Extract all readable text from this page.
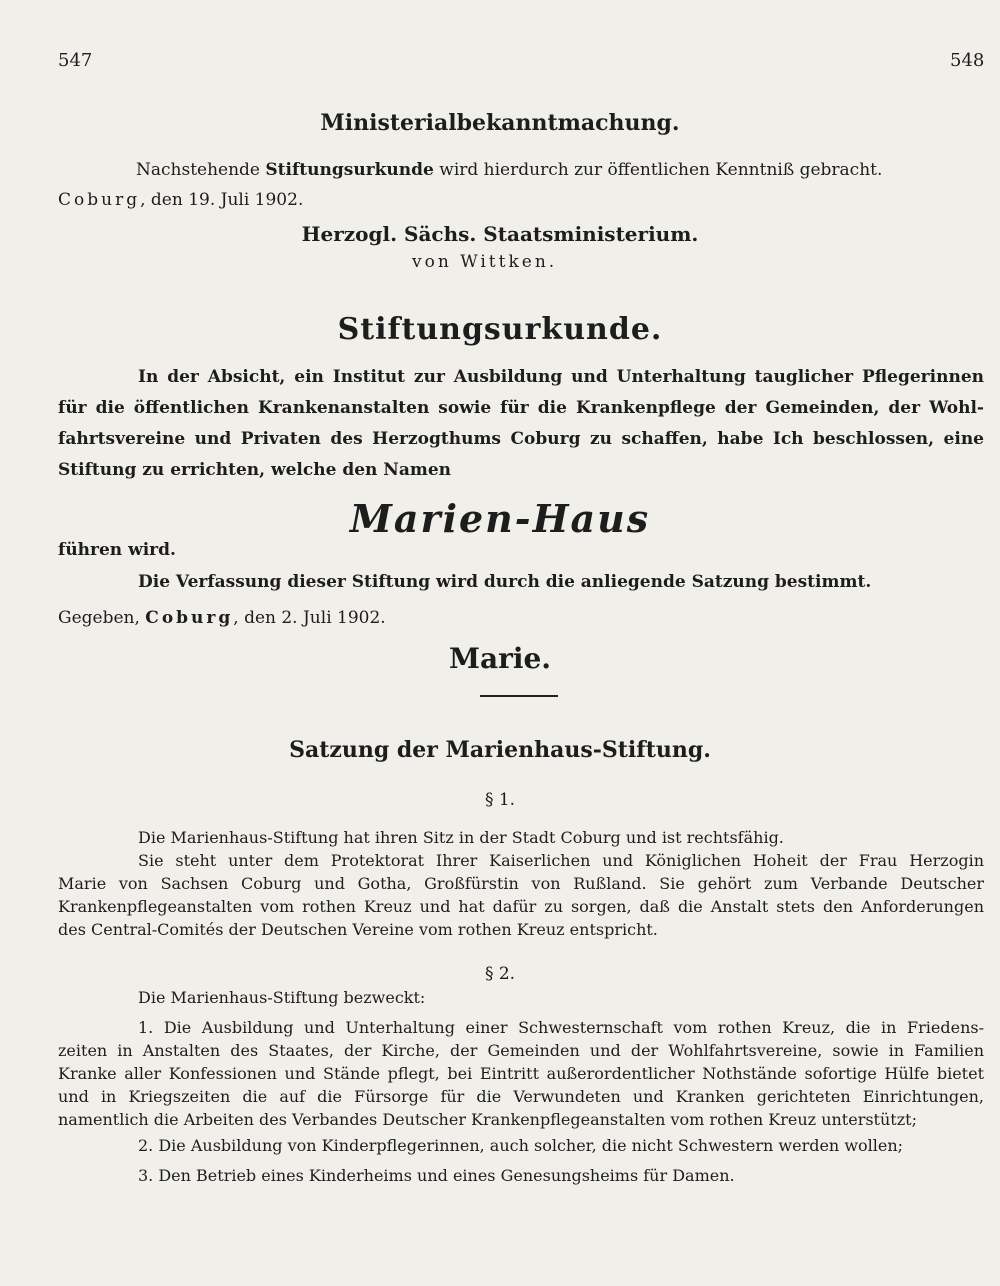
547	548
Ministerialbekanntmachung.
Nachstehende Stiftungsurkunde wird hierdurch zur öffentlichen Kenntniß gebracht.
Coburg, den 19. Juli 1902.
Herzogl. Sächs. Staatsministerium.
von Wittken.
Stiftungsurkunde.
In der Absicht, ein Institut zur Ausbildung und Unterhaltung tauglicher Pflegerinnen
für die öffentlichen Krankenanstalten sowie für die Krankenpflege der Gemeinden, der Wohl-
fahrtsvereine und Privaten des Herzogthums Coburg zu schaffen, habe Ich beschlossen, eine
Stiftung zu errichten, welche den Namen
Marien-Haus
führen wird.
Die Verfassung dieser Stiftung wird durch die anliegende Satzung bestimmt.
Gegeben, Coburg, den 2. Juli 1902.
Marie.
Satzung der Marienhaus-Stiftung.
§ 1.
Die Marienhaus-Stiftung hat ihren Sitz in der Stadt Coburg und ist rechtsfähig.
Sie steht unter dem Protektorat Ihrer Kaiserlichen und Königlichen Hoheit der Frau Herzogin
Marie von Sachsen Coburg und Gotha, Großfürstin von Rußland. Sie gehört zum Verbande Deutscher
Krankenpflegeanstalten vom rothen Kreuz und hat dafür zu sorgen, daß die Anstalt stets den Anforderungen
des Central-Comités der Deutschen Vereine vom rothen Kreuz entspricht.
§ 2.
Die Marienhaus-Stiftung bezweckt:
1. Die Ausbildung und Unterhaltung einer Schwesternschaft vom rothen Kreuz, die in Friedens-
zeiten in Anstalten des Staates, der Kirche, der Gemeinden und der Wohlfahrtsvereine, sowie in Familien
Kranke aller Konfessionen und Stände pflegt, bei Eintritt außerordentlicher Nothstände sofortige Hülfe bietet
und in Kriegszeiten die auf die Fürsorge für die Verwundeten und Kranken gerichteten Einrichtungen,
namentlich die Arbeiten des Verbandes Deutscher Krankenpflegeanstalten vom rothen Kreuz unterstützt;
2. Die Ausbildung von Kinderpflegerinnen, auch solcher, die nicht Schwestern werden wollen;
3. Den Betrieb eines Kinderheims und eines Genesungsheims für Damen.
